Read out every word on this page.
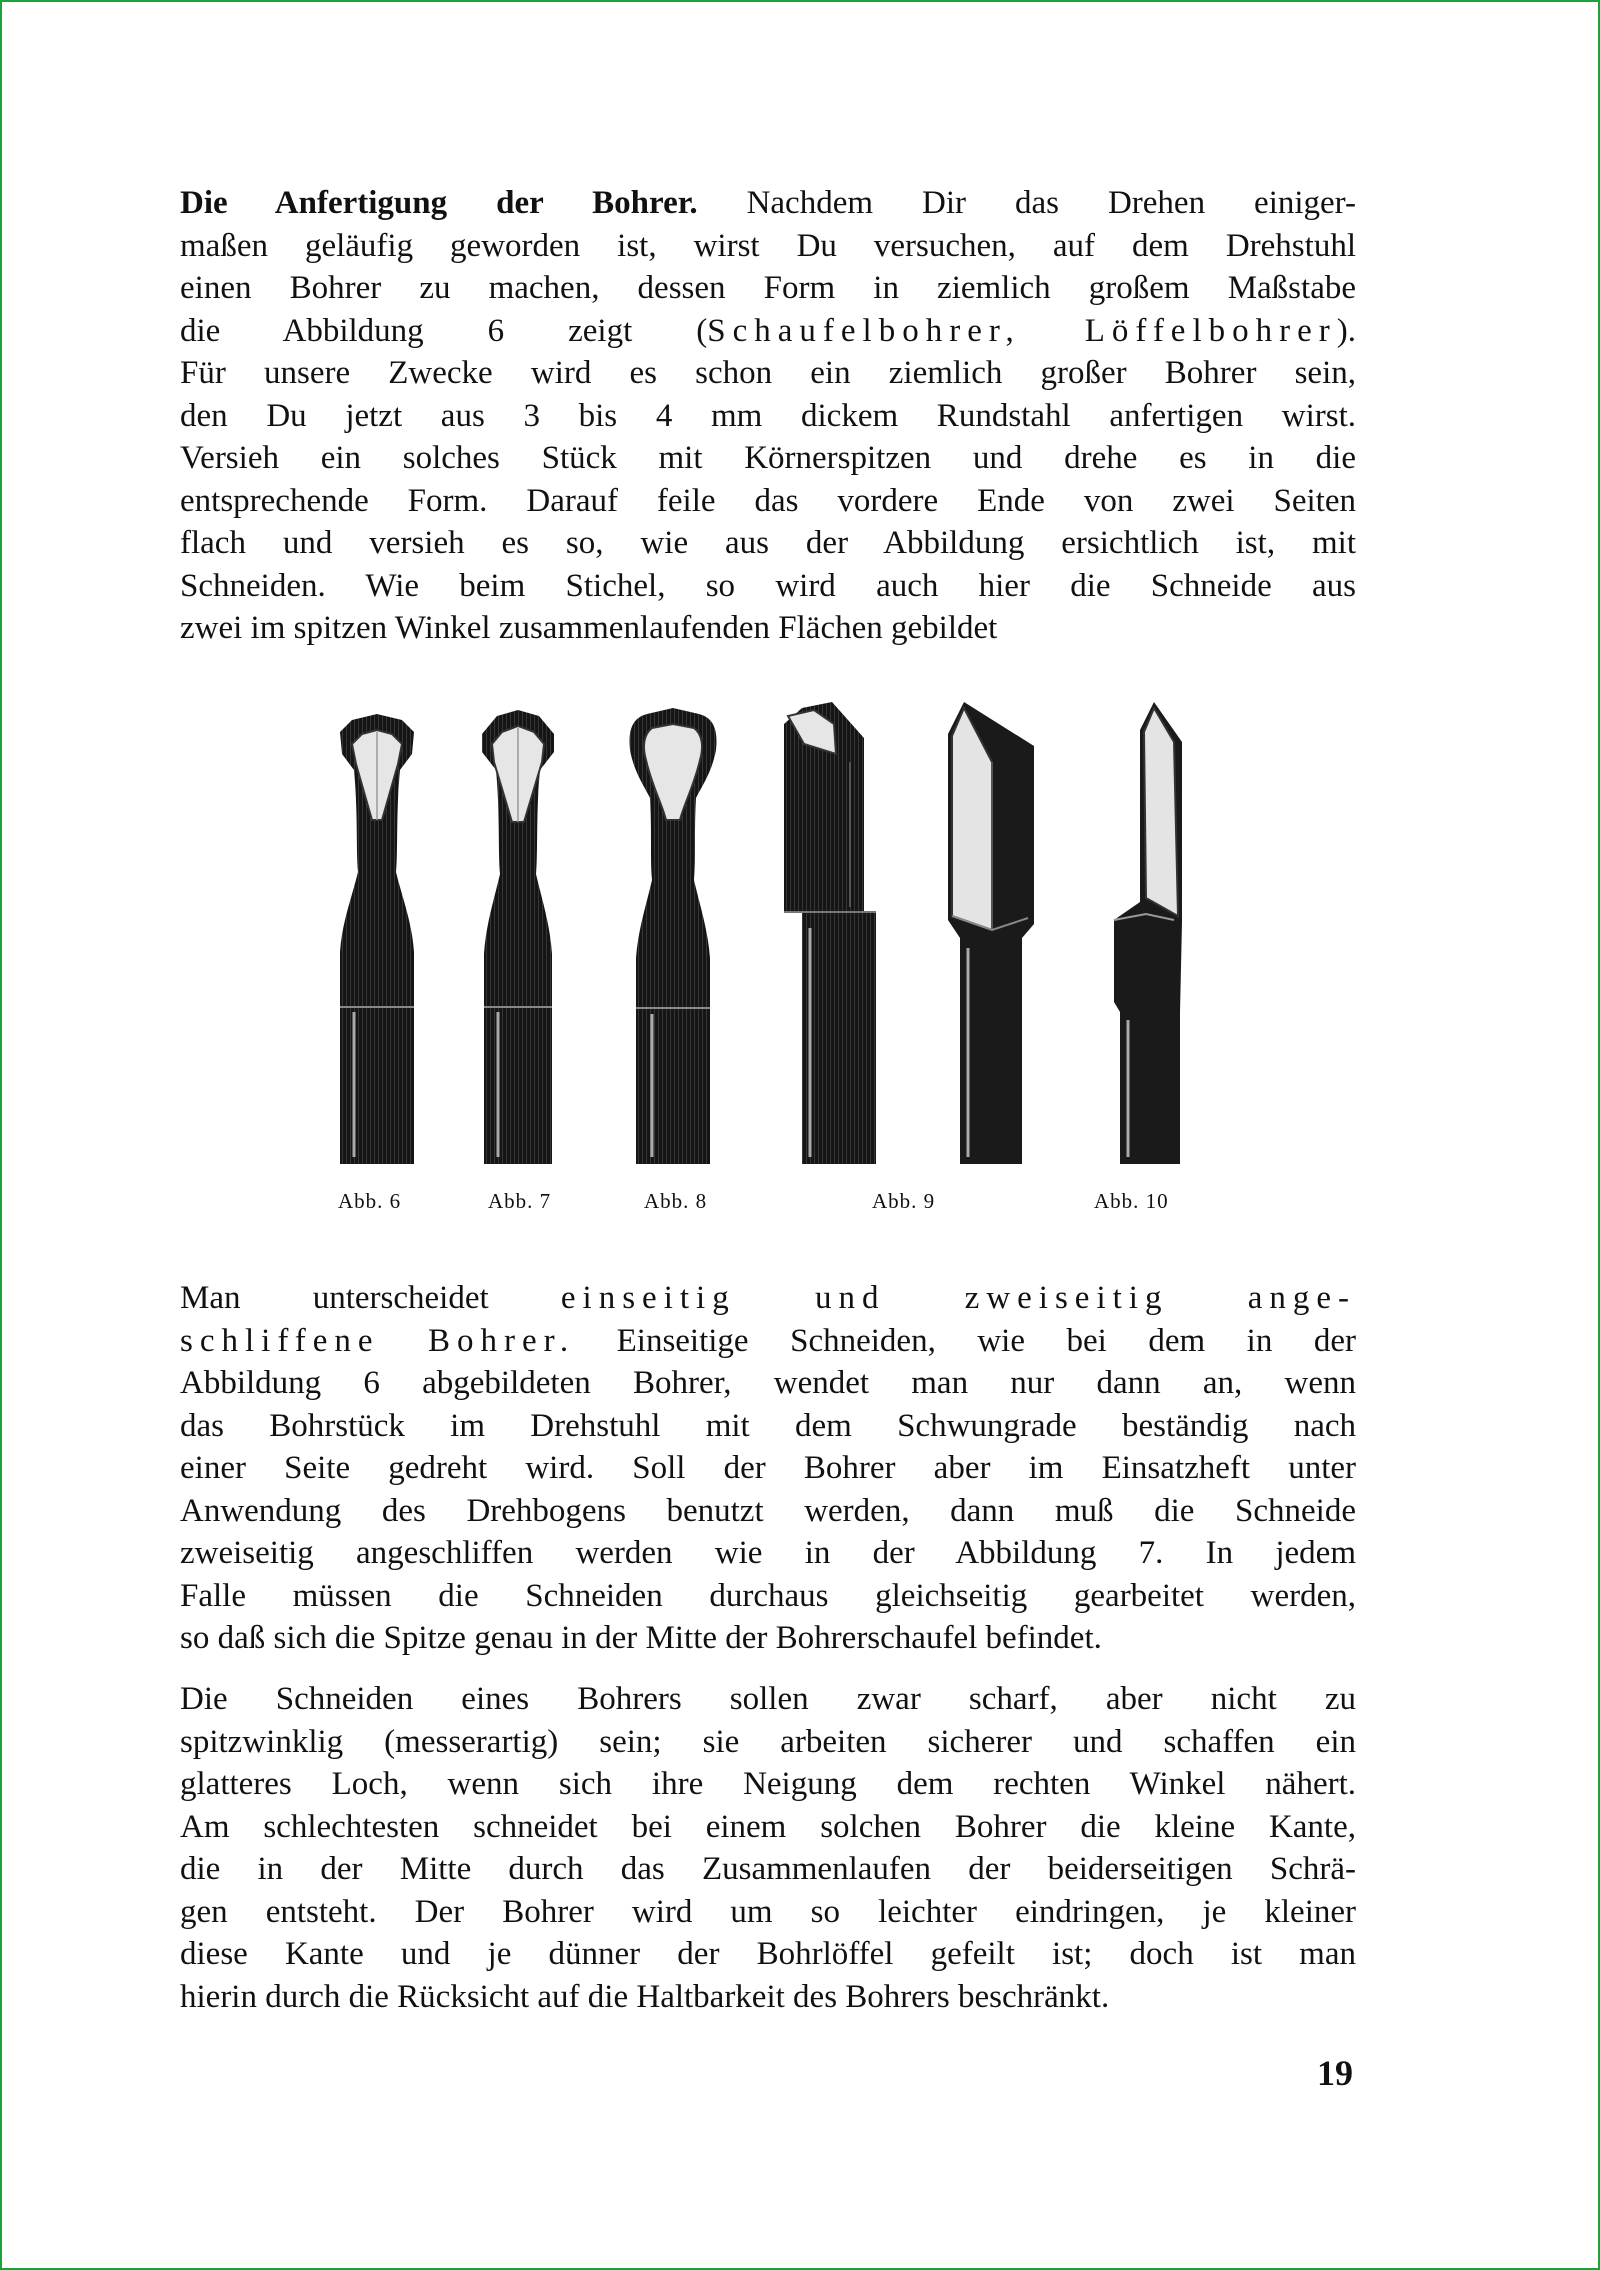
Die Anfertigung der Bohrer. Nachdem Dir das Drehen einiger-
maßen geläufig geworden ist, wirst Du versuchen, auf dem Drehstuhl
einen Bohrer zu machen, dessen Form in ziemlich großem Maßstabe
die Abbildung 6 zeigt (Schaufelbohrer, Löffelbohrer).
Für unsere Zwecke wird es schon ein ziemlich großer Bohrer sein,
den Du jetzt aus 3 bis 4 mm dickem Rundstahl anfertigen wirst.
Versieh ein solches Stück mit Körnerspitzen und drehe es in die
entsprechende Form. Darauf feile das vordere Ende von zwei Seiten
flach und versieh es so, wie aus der Abbildung ersichtlich ist, mit
Schneiden. Wie beim Stichel, so wird auch hier die Schneide aus
zwei im spitzen Winkel zusammenlaufenden Flächen gebildet
Abb. 6	Abb. 7	Abb. 8	Abb. 9	Abb. 10
Man unterscheidet einseitig und zweiseitig ange-
schliffene Bohrer. Einseitige Schneiden, wie bei dem in der
Abbildung 6 abgebildeten Bohrer, wendet man nur dann an, wenn
das Bohrstück im Drehstuhl mit dem Schwungrade beständig nach
einer Seite gedreht wird. Soll der Bohrer aber im Einsatzheft unter
Anwendung des Drehbogens benutzt werden, dann muß die Schneide
zweiseitig angeschliffen werden wie in der Abbildung 7. In jedem
Falle müssen die Schneiden durchaus gleichseitig gearbeitet werden,
so daß sich die Spitze genau in der Mitte der Bohrerschaufel befindet.
Die Schneiden eines Bohrers sollen zwar scharf, aber nicht zu
spitzwinklig (messerartig) sein; sie arbeiten sicherer und schaffen ein
glatteres Loch, wenn sich ihre Neigung dem rechten Winkel nähert.
Am schlechtesten schneidet bei einem solchen Bohrer die kleine Kante,
die in der Mitte durch das Zusammenlaufen der beiderseitigen Schrä-
gen entsteht. Der Bohrer wird um so leichter eindringen, je kleiner
diese Kante und je dünner der Bohrlöffel gefeilt ist; doch ist man
hierin durch die Rücksicht auf die Haltbarkeit des Bohrers beschränkt.
19
